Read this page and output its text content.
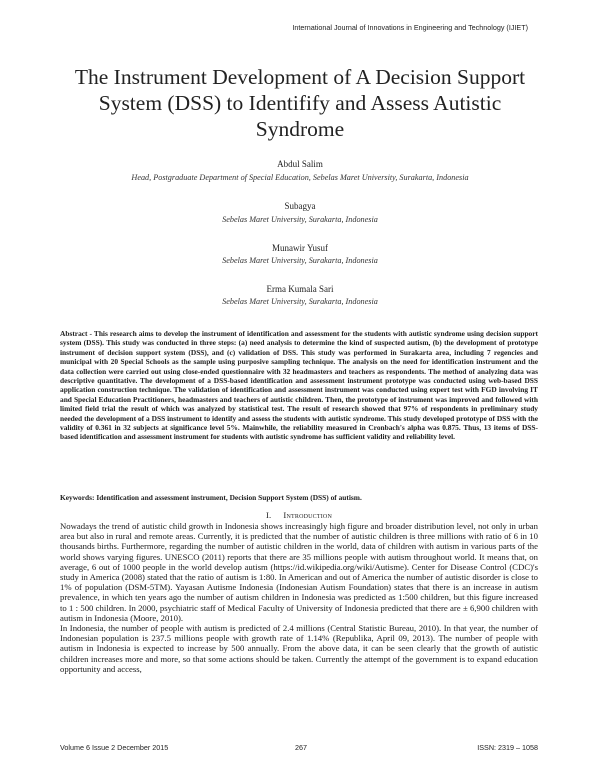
International Journal of Innovations in Engineering and Technology (IJIET)
The Instrument Development of A Decision Support System (DSS) to Identifify and Assess Autistic Syndrome
Abdul Salim
Head, Postgraduate Department of Special Education, Sebelas Maret University, Surakarta, Indonesia
Subagya
Sebelas Maret University, Surakarta, Indonesia
Munawir Yusuf
Sebelas Maret University, Surakarta, Indonesia
Erma Kumala Sari
Sebelas Maret University, Surakarta, Indonesia
Abstract - This research aims to develop the instrument of identification and assessment for the students with autistic syndrome using decision support system (DSS). This study was conducted in three steps: (a) need analysis to determine the kind of suspected autism, (b) the development of prototype instrument of decision support system (DSS), and (c) validation of DSS. This study was performed in Surakarta area, including 7 regencies and municipal with 20 Special Schools as the sample using purposive sampling technique. The analysis on the need for identification instrument and the data collection were carried out using close-ended questionnaire with 32 headmasters and teachers as respondents. The method of analyzing data was descriptive quantitative. The development of a DSS-based identification and assessment instrument prototype was conducted using web-based DSS application construction technique. The validation of identification and assessment instrument was conducted using expert test with FGD involving IT and Special Education Practitioners, headmasters and teachers of autistic children. Then, the prototype of instrument was improved and followed with limited field trial the result of which was analyzed by statistical test. The result of research showed that 97% of respondents in preliminary study needed the development of a DSS instrument to identify and assess the students with autistic syndrome. This study developed prototype of DSS with the validity of 0.361 in 32 subjects at significance level 5%. Mainwhile, the reliability measured in Cronbach's alpha was 0.875. Thus, 13 items of DSS-based identification and assessment instrument for students with autistic syndrome has sufficient validity and reliability level.
Keywords: Identification and assessment instrument, Decision Support System (DSS) of autism.
I. Introduction

Nowadays the trend of autistic child growth in Indonesia shows increasingly high figure and broader distribution level, not only in urban area but also in rural and remote areas. Currently, it is predicted that the number of autistic children is three millions with ratio of 6 in 10 thousands births. Furthermore, regarding the number of autistic children in the world, data of children with autism in various parts of the world shows varying figures. UNESCO (2011) reports that there are 35 millions people with autism throughout world. It means that, on average, 6 out of 1000 people in the world develop autism (https://id.wikipedia.org/wiki/Autisme). Center for Disease Control (CDC)'s study in America (2008) stated that the ratio of autism is 1:80. In American and out of America the number of autistic disorder is close to 1% of population (DSM-5TM). Yayasan Autisme Indonesia (Indonesian Autism Foundation) states that there is an increase in autism prevalence, in which ten years ago the number of autism children in Indonesia was predicted as 1:500 children, but this figure increased to 1 : 500 children. In 2000, psychiatric staff of Medical Faculty of University of Indonesia predicted that there are ± 6,900 children with autism in Indonesia (Moore, 2010).

In Indonesia, the number of people with autism is predicted of 2.4 millions (Central Statistic Bureau, 2010). In that year, the number of Indonesian population is 237.5 millions people with growth rate of 1.14% (Republika, April 09, 2013). The number of people with autism in Indonesia is expected to increase by 500 annually. From the above data, it can be seen clearly that the growth of autistic children increases more and more, so that some actions should be taken. Currently the attempt of the government is to expand education opportunity and access,

Volume 6 Issue 2 December 2015	267	ISSN: 2319 – 1058
